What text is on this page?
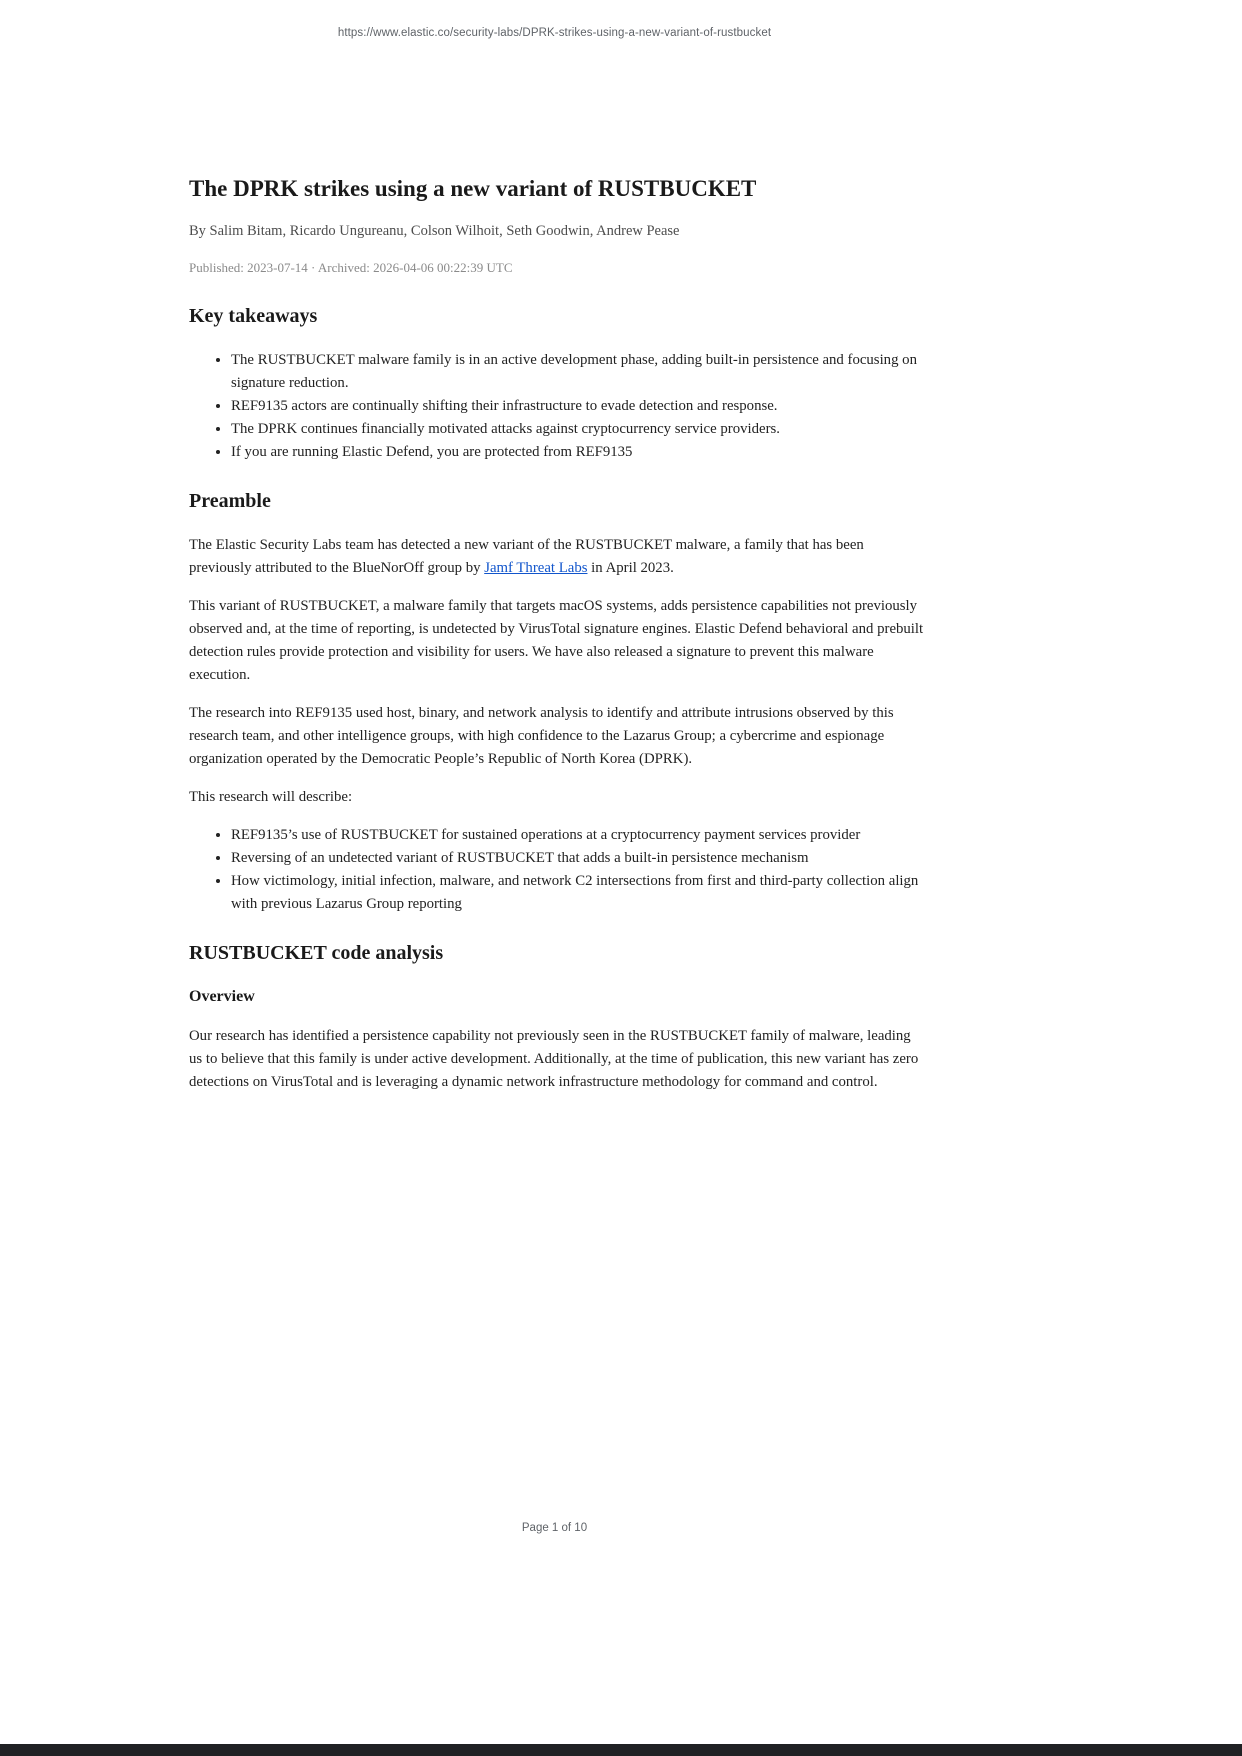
https://www.elastic.co/security-labs/DPRK-strikes-using-a-new-variant-of-rustbucket
The DPRK strikes using a new variant of RUSTBUCKET

By Salim Bitam, Ricardo Ungureanu, Colson Wilhoit, Seth Goodwin, Andrew Pease

Published: 2023-07-14 · Archived: 2026-04-06 00:22:39 UTC

Key takeaways
• The RUSTBUCKET malware family is in an active development phase, adding built-in persistence and focusing on signature reduction.
• REF9135 actors are continually shifting their infrastructure to evade detection and response.
• The DPRK continues financially motivated attacks against cryptocurrency service providers.
• If you are running Elastic Defend, you are protected from REF9135
Preamble

The Elastic Security Labs team has detected a new variant of the RUSTBUCKET malware, a family that has been previously attributed to the BlueNorOff group by Jamf Threat Labs in April 2023.

This variant of RUSTBUCKET, a malware family that targets macOS systems, adds persistence capabilities not previously observed and, at the time of reporting, is undetected by VirusTotal signature engines. Elastic Defend behavioral and prebuilt detection rules provide protection and visibility for users. We have also released a signature to prevent this malware execution.

The research into REF9135 used host, binary, and network analysis to identify and attribute intrusions observed by this research team, and other intelligence groups, with high confidence to the Lazarus Group; a cybercrime and espionage organization operated by the Democratic People’s Republic of North Korea (DPRK).

This research will describe:

• REF9135’s use of RUSTBUCKET for sustained operations at a cryptocurrency payment services provider
• Reversing of an undetected variant of RUSTBUCKET that adds a built-in persistence mechanism
• How victimology, initial infection, malware, and network C2 intersections from first and third-party collection align with previous Lazarus Group reporting
RUSTBUCKET code analysis
Overview

Our research has identified a persistence capability not previously seen in the RUSTBUCKET family of malware, leading us to believe that this family is under active development. Additionally, at the time of publication, this new variant has zero detections on VirusTotal and is leveraging a dynamic network infrastructure methodology for command and control.

Page 1 of 10
